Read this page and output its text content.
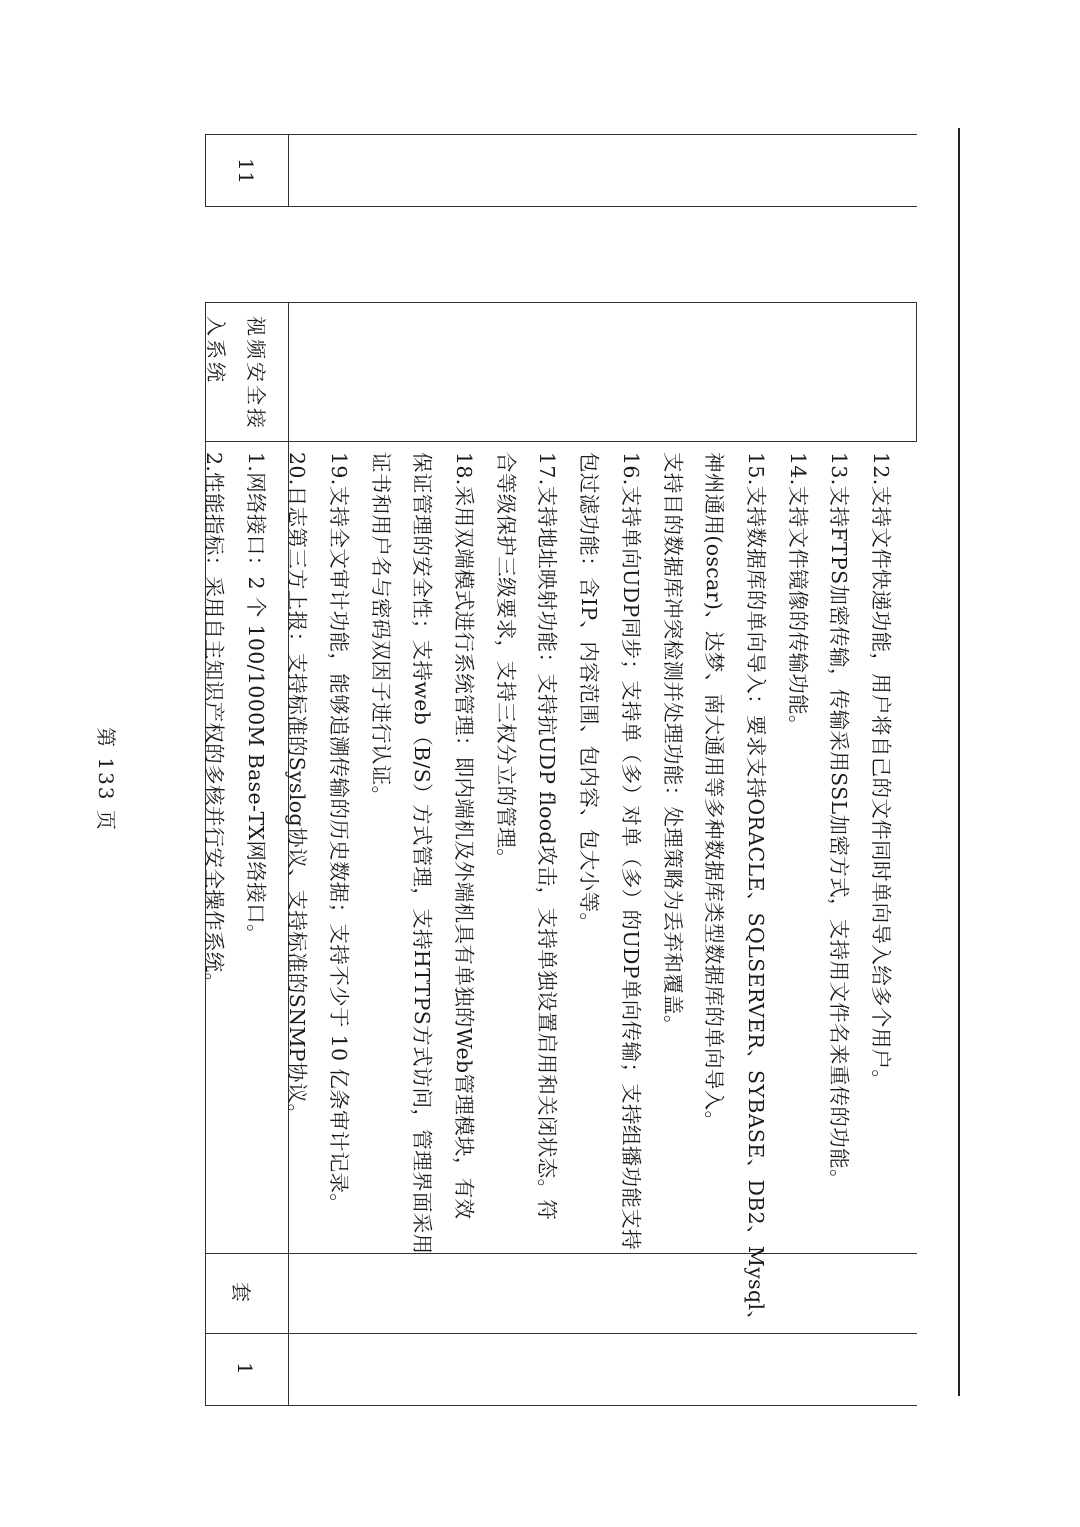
11
视频安全接
入系统
12.支持文件快递功能，用户将自己的文件同时单向导入给多个用户。
13.支持FTPS加密传输，传输采用SSL加密方式，支持用文件名来重传的功能。
14.支持文件镜像的传输功能。
15.支持数据库的单向导入：要求支持ORACLE、SQLSERVER、SYBASE、DB2、Mysql、
神州通用(oscar)、达梦、南大通用等多种数据库类型数据库的单向导入。
支持目的数据库冲突检测并处理功能：处理策略为丢弃和覆盖。
16.支持单向UDP同步；支持单（多）对单（多）的UDP单向传输；支持组播功能支持
包过滤功能：含IP、内容范围、包内容、包大小等。
17.支持地址映射功能：支持抗UDP flood攻击，支持单独设置启用和关闭状态。符
合等级保护三级要求，支持三权分立的管理。
18.采用双端模式进行系统管理：即内端机及外端机具有单独的Web管理模块，有效
保证管理的安全性；支持web（B/S）方式管理，支持HTTPS方式访问，管理界面采用
证书和用户名与密码双因子进行认证。
19.支持全文审计功能，能够追溯传输的历史数据；支持不少于 10 亿条审计记录。
20.日志第三方上报：支持标准的Syslog协议、支持标准的SNMP协议。
1.网络接口：2 个 100/1000M Base-TX网络接口。
2.性能指标：采用自主知识产权的多核并行安全操作系统。
套
1
第 133 页
